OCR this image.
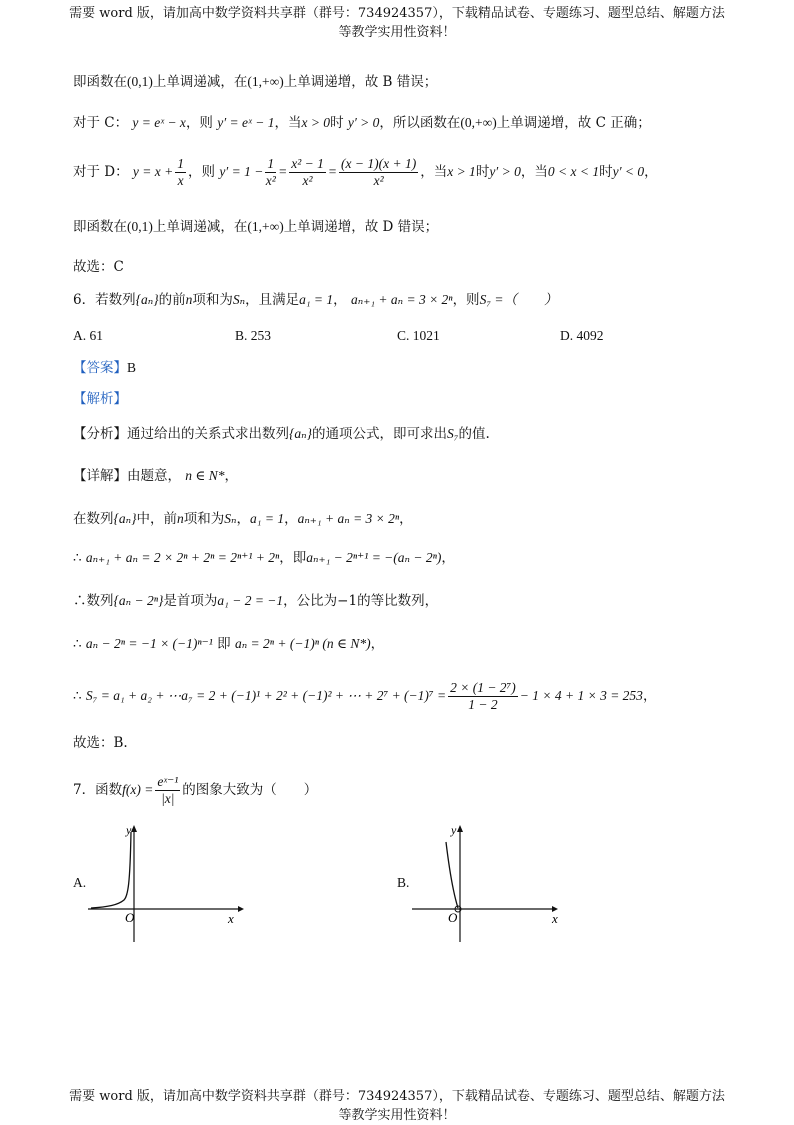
需要 word 版，请加高中数学资料共享群（群号：734924357），下载精品试卷、专题练习、题型总结、解题方法
等教学实用性资料！
即函数在(0,1)上单调递减，在(1,+∞)上单调递增，故 B 错误；
对于 C： y = eˣ − x，则 y′ = eˣ − 1，当x > 0时 y′ > 0，所以函数在(0,+∞)上单调递增，故 C 正确；
对于 D： $y = x + \frac{1}{x}$ ，则 $y' = 1 - \frac{1}{\text{x²}} = \frac{\text{x² − 1}}{\text{x²}} = \frac{(x - 1)(x + 1)}{\text{x²}}$ ，当x > 1时y′ > 0，当0 < x < 1时y′ < 0，
即函数在(0,1)上单调递减，在(1,+∞)上单调递增，故 D 错误；
故选：C
6．若数列{aₙ}的前n项和为Sₙ，且满足a₁ = 1， aₙ₊₁ + aₙ = 3 × 2ⁿ，则S₇ =（　　）
A. 61	B. 253	C. 1021	D. 4092
【答案】B
【解析】
【分析】通过给出的关系式求出数列{aₙ}的通项公式，即可求出S₇的值.
【详解】由题意， n ∈ N*，
在数列{aₙ}中，前n项和为Sₙ，a₁ = 1，aₙ₊₁ + aₙ = 3 × 2ⁿ，
∴ aₙ₊₁ + aₙ = 2 × 2ⁿ + 2ⁿ = 2ⁿ⁺¹ + 2ⁿ，即aₙ₊₁ − 2ⁿ⁺¹ = −(aₙ − 2ⁿ)，
∴数列{aₙ − 2ⁿ}是首项为a₁ − 2 = −1，公比为−1的等比数列，
∴ aₙ − 2ⁿ = −1 × (−1)ⁿ⁻¹ 即 aₙ = 2ⁿ + (−1)ⁿ (n ∈ N*)，
∴ S₇ = a₁ + a₂ + ⋯a₇ = 2 + (−1)¹ + 2² + (−1)² + ⋯ + $2^7 + (-1)^7 = \frac{\text{2 × (1 − 2⁷)}}{1 - 2} - 1 \times 4 + 1 \times 3 = 253$，
故选：B.
7．函数$f(x) = \frac{\text{eˣ⁻¹}}{|x|}$ 的图象大致为（　　）
A.	B.
O	x
y
O	x
y
需要 word 版，请加高中数学资料共享群（群号：734924357），下载精品试卷、专题练习、题型总结、解题方法
等教学实用性资料！
